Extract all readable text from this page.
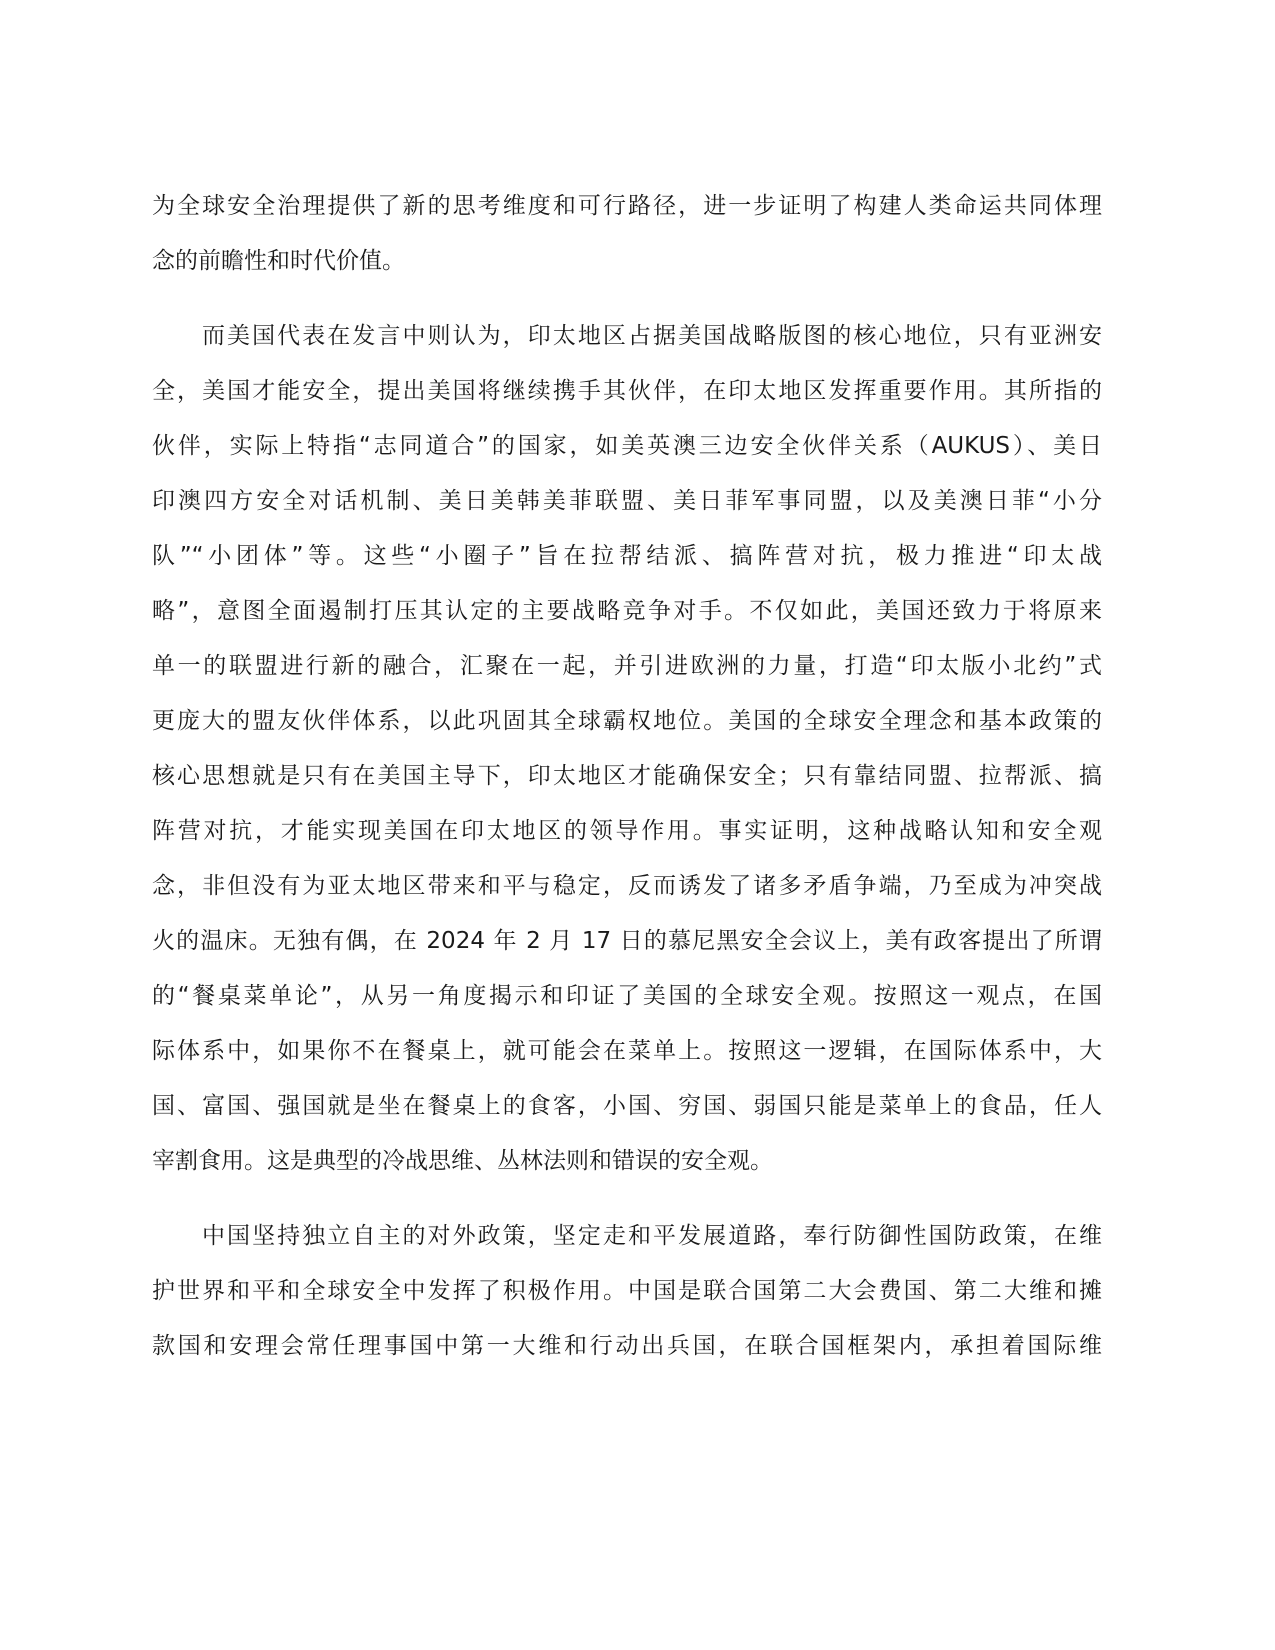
为全球安全治理提供了新的思考维度和可行路径，进一步证明了构建人类命运共同体理
念的前瞻性和时代价值。
而美国代表在发言中则认为，印太地区占据美国战略版图的核心地位，只有亚洲安
全，美国才能安全，提出美国将继续携手其伙伴，在印太地区发挥重要作用。其所指的
伙伴，实际上特指“志同道合”的国家，如美英澳三边安全伙伴关系（AUKUS）、美日
印澳四方安全对话机制、美日美韩美菲联盟、美日菲军事同盟，以及美澳日菲“小分
队”“小团体”等。这些“小圈子”旨在拉帮结派、搞阵营对抗，极力推进“印太战
略”，意图全面遏制打压其认定的主要战略竞争对手。不仅如此，美国还致力于将原来
单一的联盟进行新的融合，汇聚在一起，并引进欧洲的力量，打造“印太版小北约”式
更庞大的盟友伙伴体系，以此巩固其全球霸权地位。美国的全球安全理念和基本政策的
核心思想就是只有在美国主导下，印太地区才能确保安全；只有靠结同盟、拉帮派、搞
阵营对抗，才能实现美国在印太地区的领导作用。事实证明，这种战略认知和安全观
念，非但没有为亚太地区带来和平与稳定，反而诱发了诸多矛盾争端，乃至成为冲突战
火的温床。无独有偶，在 2024 年 2 月 17 日的慕尼黑安全会议上，美有政客提出了所谓
的“餐桌菜单论”，从另一角度揭示和印证了美国的全球安全观。按照这一观点，在国
际体系中，如果你不在餐桌上，就可能会在菜单上。按照这一逻辑，在国际体系中，大
国、富国、强国就是坐在餐桌上的食客，小国、穷国、弱国只能是菜单上的食品，任人
宰割食用。这是典型的冷战思维、丛林法则和错误的安全观。
中国坚持独立自主的对外政策，坚定走和平发展道路，奉行防御性国防政策，在维
护世界和平和全球安全中发挥了积极作用。中国是联合国第二大会费国、第二大维和摊
款国和安理会常任理事国中第一大维和行动出兵国，在联合国框架内，承担着国际维
